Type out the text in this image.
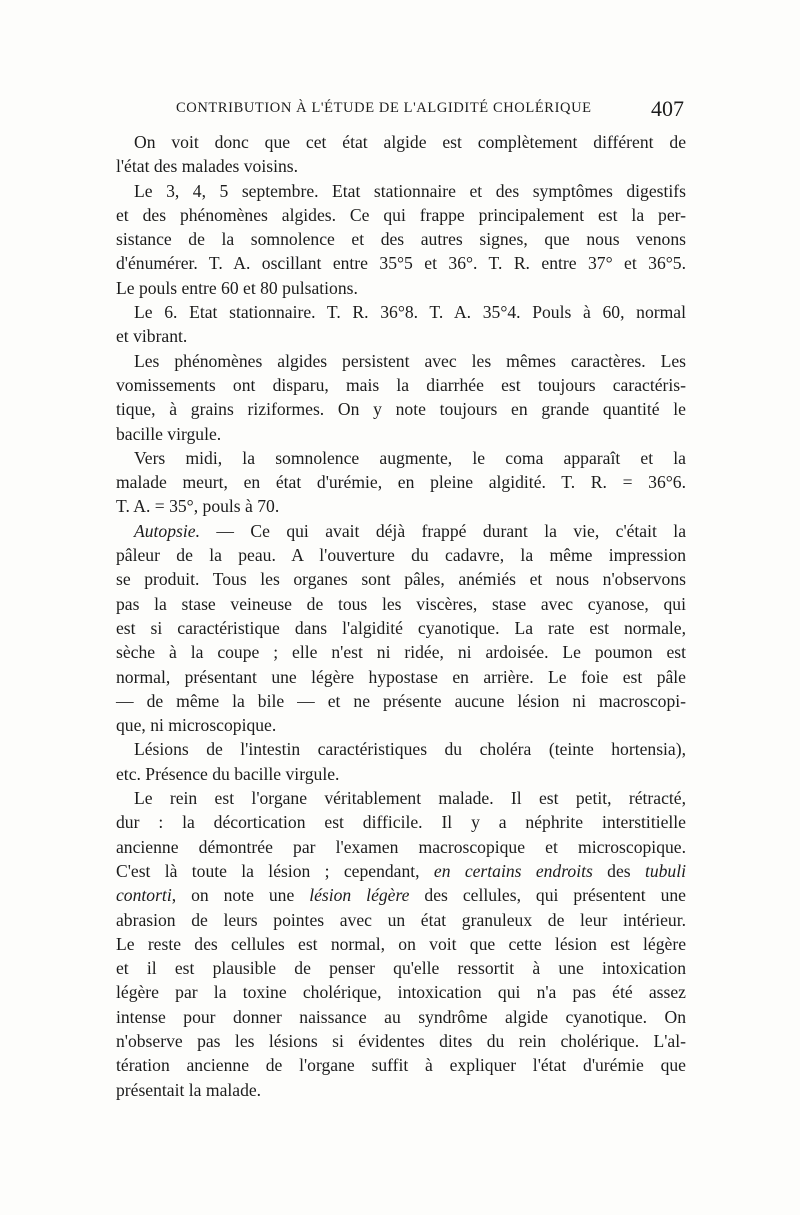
CONTRIBUTION À L'ÉTUDE DE L'ALGIDITÉ CHOLÉRIQUE	407

On voit donc que cet état algide est complètement différent de
l'état des malades voisins.

Le 3, 4, 5 septembre. Etat stationnaire et des symptômes digestifs
et des phénomènes algides. Ce qui frappe principalement est la per-
sistance de la somnolence et des autres signes, que nous venons
d'énumérer. T. A. oscillant entre 35°5 et 36°. T. R. entre 37° et 36°5.
Le pouls entre 60 et 80 pulsations.

Le 6. Etat stationnaire. T. R. 36°8. T. A. 35°4. Pouls à 60, normal
et vibrant.

Les phénomènes algides persistent avec les mêmes caractères. Les
vomissements ont disparu, mais la diarrhée est toujours caractéris-
tique, à grains riziformes. On y note toujours en grande quantité le
bacille virgule.

Vers midi, la somnolence augmente, le coma apparaît et la
malade meurt, en état d'urémie, en pleine algidité. T. R. = 36°6.
T. A. = 35°, pouls à 70.

Autopsie. — Ce qui avait déjà frappé durant la vie, c'était la
pâleur de la peau. A l'ouverture du cadavre, la même impression
se produit. Tous les organes sont pâles, anémiés et nous n'observons
pas la stase veineuse de tous les viscères, stase avec cyanose, qui
est si caractéristique dans l'algidité cyanotique. La rate est normale,
sèche à la coupe ; elle n'est ni ridée, ni ardoisée. Le poumon est
normal, présentant une légère hypostase en arrière. Le foie est pâle
— de même la bile — et ne présente aucune lésion ni macroscopi-
que, ni microscopique.

Lésions de l'intestin caractéristiques du choléra (teinte hortensia),
etc. Présence du bacille virgule.

Le rein est l'organe véritablement malade. Il est petit, rétracté,
dur : la décortication est difficile. Il y a néphrite interstitielle
ancienne démontrée par l'examen macroscopique et microscopique.
C'est là toute la lésion ; cependant, en certains endroits des tubuli
contorti, on note une lésion légère des cellules, qui présentent une
abrasion de leurs pointes avec un état granuleux de leur intérieur.
Le reste des cellules est normal, on voit que cette lésion est légère
et il est plausible de penser qu'elle ressortit à une intoxication
légère par la toxine cholérique, intoxication qui n'a pas été assez
intense pour donner naissance au syndrôme algide cyanotique. On
n'observe pas les lésions si évidentes dites du rein cholérique. L'al-
tération ancienne de l'organe suffit à expliquer l'état d'urémie que
présentait la malade.
